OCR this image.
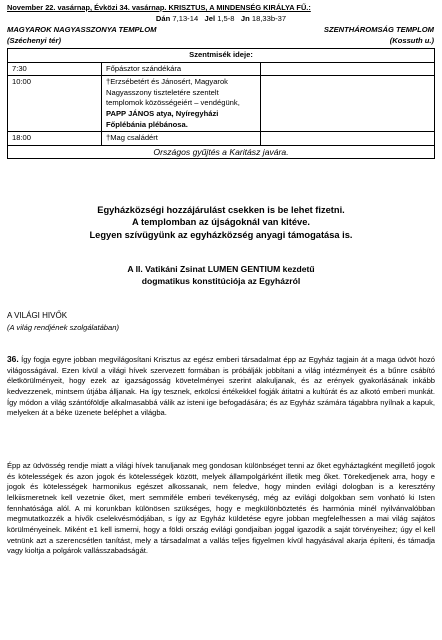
November 22. vasárnap, Évközi 34. vasárnap. KRISZTUS, A MINDENSÉG KIRÁLYA FŰ.:
Dán 7,13-14 Jel 1,5-8 Jn 18,33b-37
MAGYAROK NAGYASSZONYA TEMPLOM	SZENTHÁROMSÁG TEMPLOM
(Széchenyi tér)	(Kossuth u.)
Szentmisék ideje:		
7:30	Főpásztor szándékára	
10:00	†Erzsébetért és Jánosért, Magyarok Nagyasszony tiszteletére szentelt templomok közösségeiért – vendégünk, PAPP JÁNOS atya, Nyíregyházi Főplébánia plébánosa.	
18:00	†Mag családért	
Országos gyűjtés a Karitász javára.		
Egyházközségi hozzájárulást csekken is be lehet fizetni.
A templomban az újságoknál van kitéve.
Legyen szívügyünk az egyházközség anyagi támogatása is.
A II. Vatikáni Zsinat LUMEN GENTIUM kezdetű
dogmatikus konstitúciója az Egyházról
A VILÁGI HIVŐK
(A világ rendjének szolgálatában)
36. Így fogja egyre jobban megvilágosítani Krisztus az egész emberi társadalmat épp az Egyház tagjain át a maga üdvöt hozó világosságával. Ezen kívül a világi hívek szervezett formában is próbálják jobbítani a világ intézményeit és a bűnre csábító életkörülményeit, hogy ezek az igazságosság követelményei szerint alakuljanak, és az erények gyakorlásának inkább kedvezzenek, mintsem útjába álljanak. Ha így tesznek, erkölcsi értékekkel fogják átitatni a kultúrát és az alkotó emberi munkát. Így módon a világ szántóföldje alkalmasabbá válik az isteni ige befogadására; és az Egyház számára tágabbra nyílnak a kapuk, melyeken át a béke üzenete beléphet a világba.
Épp az üdvösség rendje miatt a világi hívek tanuljanak meg gondosan különbséget tenni az őket egyháztagként megillető jogok és kötelességek és azon jogok és kötelességek között, melyek állampolgárként illetik meg őket. Törekedjenek arra, hogy e jogok és kötelességek harmonikus egészet alkossanak, nem feledve, hogy minden evilági dologban is a keresztény lelkiismeretnek kell vezetnie őket, mert semmiféle emberi tevékenység, még az evilági dolgokban sem vonható ki Isten fennhatósága alól. A mi korunkban különösen szükséges, hogy e megkülönböztetés és harmónia minél nyilvánvalóbban megmutatkozzék a hívők cselekvésmódjában, s így az Egyház küldetése egyre jobban megfelelhessen a mai világ sajátos körülményeinek. Miként e1 kell ismerni, hogy a földi ország evilági gondjaiban joggal igazodik a saját törvényeihez; úgy el kell vetnünk azt a szerencsétlen tanítást, mely a társadalmat a vallás teljes figyelmen kívül hagyásával akarja építeni, és támadja vagy kioltja a polgárok vallásszabadságát.
